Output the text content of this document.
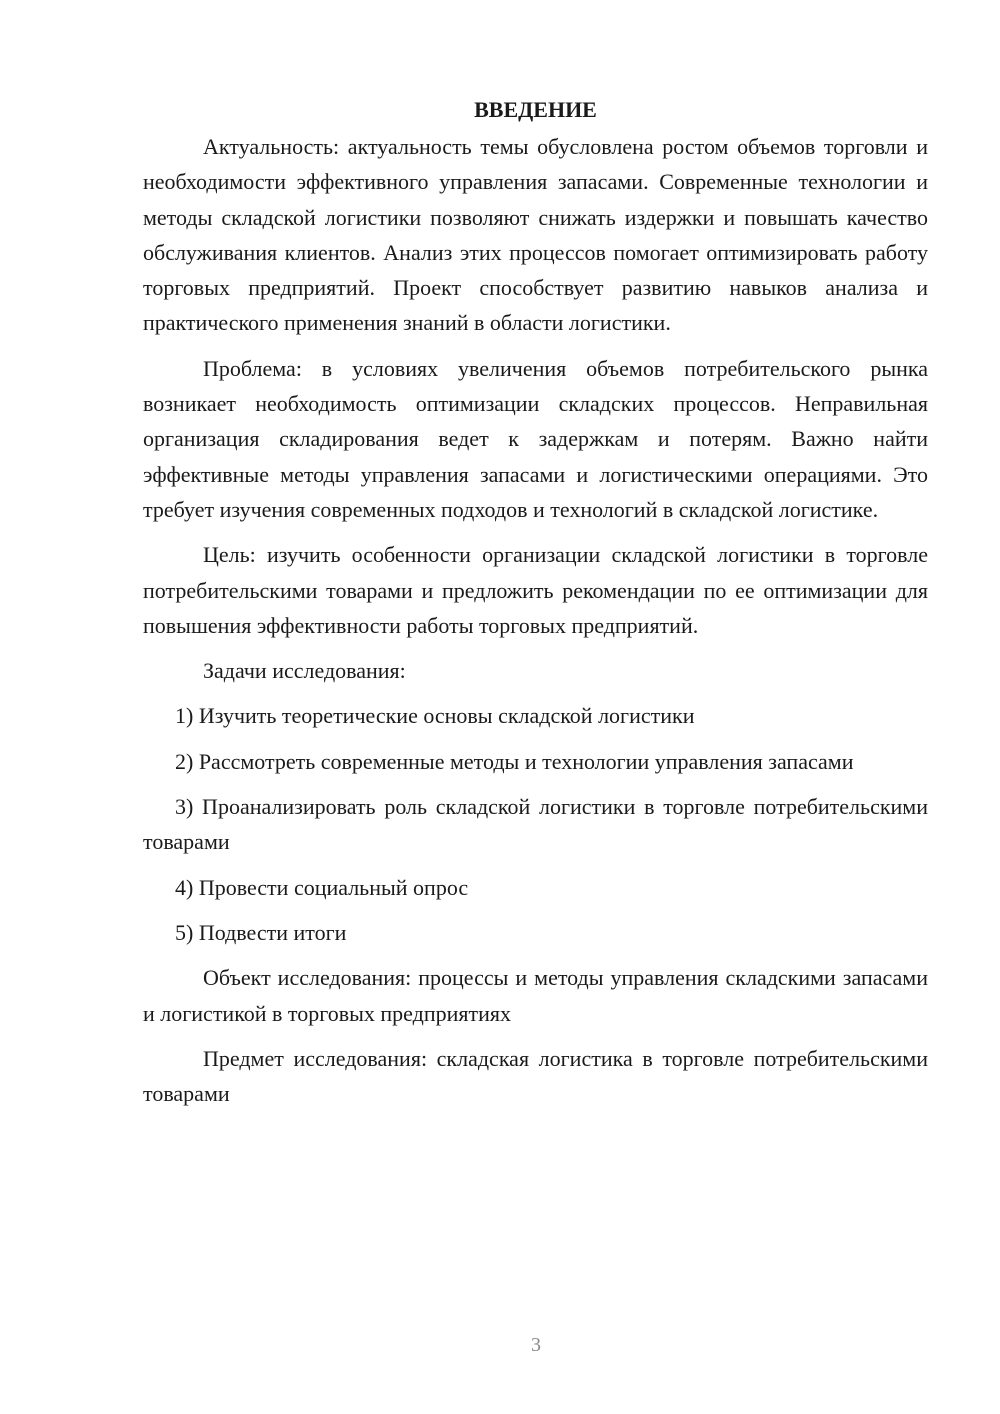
ВВЕДЕНИЕ

Актуальность: актуальность темы обусловлена ростом объемов торговли и необходимости эффективного управления запасами. Современные технологии и методы складской логистики позволяют снижать издержки и повышать качество обслуживания клиентов. Анализ этих процессов помогает оптимизировать работу торговых предприятий. Проект способствует развитию навыков анализа и практического применения знаний в области логистики.

Проблема: в условиях увеличения объемов потребительского рынка возникает необходимость оптимизации складских процессов. Неправильная организация складирования ведет к задержкам и потерям. Важно найти эффективные методы управления запасами и логистическими операциями. Это требует изучения современных подходов и технологий в складской логистике.

Цель: изучить особенности организации складской логистики в торговле потребительскими товарами и предложить рекомендации по ее оптимизации для повышения эффективности работы торговых предприятий.

Задачи исследования:

1) Изучить теоретические основы складской логистики

2) Рассмотреть современные методы и технологии управления запасами

3) Проанализировать роль складской логистики в торговле потребительскими товарами

4) Провести социальный опрос

5) Подвести итоги

Объект исследования: процессы и методы управления складскими запасами и логистикой в торговых предприятиях

Предмет исследования: складская логистика в торговле потребительскими товарами

3
